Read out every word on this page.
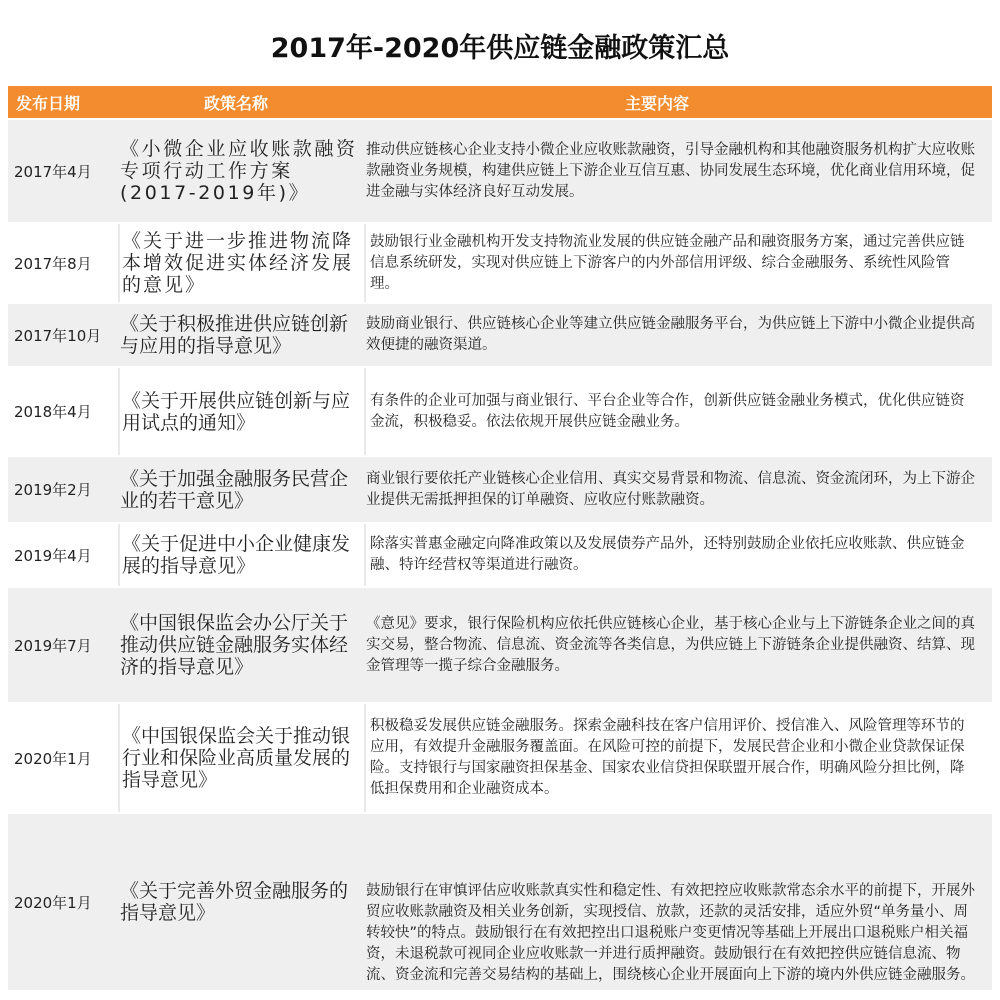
2017年-2020年供应链金融政策汇总
发布日期	政策名称	主要内容
2017年4月
《小微企业应收账款融资专项行动工作方案(2017-2019年)》
推动供应链核心企业支持小微企业应收账款融资，引导金融机构和其他融资服务机构扩大应收账款融资业务规模，构建供应链上下游企业互信互惠、协同发展生态环境，优化商业信用环境，促进金融与实体经济良好互动发展。
2017年8月
《关于进一步推进物流降本增效促进实体经济发展的意见》
鼓励银行业金融机构开发支持物流业发展的供应链金融产品和融资服务方案，通过完善供应链信息系统研发，实现对供应链上下游客户的内外部信用评级、综合金融服务、系统性风险管理。
2017年10月
《关于积极推进供应链创新与应用的指导意见》
鼓励商业银行、供应链核心企业等建立供应链金融服务平台，为供应链上下游中小微企业提供高效便捷的融资渠道。
2018年4月
《关于开展供应链创新与应用试点的通知》
有条件的企业可加强与商业银行、平台企业等合作，创新供应链金融业务模式，优化供应链资金流，积极稳妥。依法依规开展供应链金融业务。
2019年2月
《关于加强金融服务民营企业的若干意见》
商业银行要依托产业链核心企业信用、真实交易背景和物流、信息流、资金流闭环，为上下游企业提供无需抵押担保的订单融资、应收应付账款融资。
2019年4月
《关于促进中小企业健康发展的指导意见》
除落实普惠金融定向降准政策以及发展债券产品外，还特别鼓励企业依托应收账款、供应链金融、特许经营权等渠道进行融资。
2019年7月
《中国银保监会办公厅关于推动供应链金融服务实体经济的指导意见》
《意见》要求，银行保险机构应依托供应链核心企业，基于核心企业与上下游链条企业之间的真实交易，整合物流、信息流、资金流等各类信息，为供应链上下游链条企业提供融资、结算、现金管理等一揽子综合金融服务。
2020年1月
《中国银保监会关于推动银行业和保险业高质量发展的指导意见》
积极稳妥发展供应链金融服务。探索金融科技在客户信用评价、授信准入、风险管理等环节的应用，有效提升金融服务覆盖面。在风险可控的前提下，发展民营企业和小微企业贷款保证保险。支持银行与国家融资担保基金、国家农业信贷担保联盟开展合作，明确风险分担比例，降低担保费用和企业融资成本。
2020年1月
《关于完善外贸金融服务的指导意见》
鼓励银行在审慎评估应收账款真实性和稳定性、有效把控应收账款常态余水平的前提下，开展外贸应收账款融资及相关业务创新，实现授信、放款，还款的灵活安排，适应外贸“单务量小、周转较快”的特点。鼓励银行在有效把控出口退税账户变更情况等基础上开展出口退税账户相关福资，未退税款可视同企业应收账款一并进行质押融资。鼓励银行在有效把控供应链信息流、物流、资金流和完善交易结构的基础上，围绕核心企业开展面向上下游的境内外供应链金融服务。
